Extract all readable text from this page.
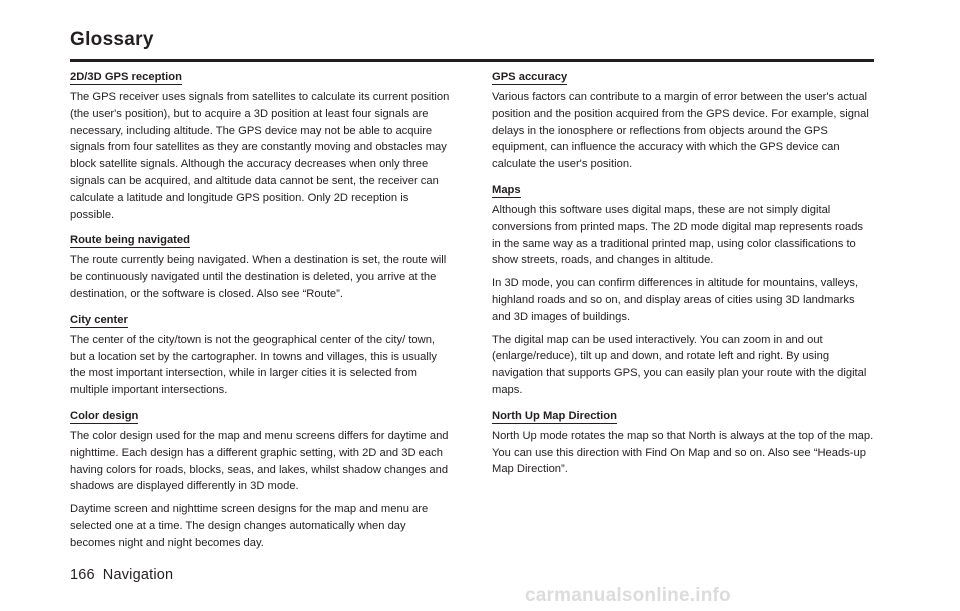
Glossary
2D/3D GPS reception

The GPS receiver uses signals from satellites to calculate its current position (the user's position), but to acquire a 3D position at least four signals are necessary, including altitude. The GPS device may not be able to acquire signals from four satellites as they are constantly moving and obstacles may block satellite signals. Although the accuracy decreases when only three signals can be acquired, and altitude data cannot be sent, the receiver can calculate a latitude and longitude GPS position. Only 2D reception is possible.

Route being navigated

The route currently being navigated. When a destination is set, the route will be continuously navigated until the destination is deleted, you arrive at the destination, or the software is closed. Also see “Route”.

City center

The center of the city/town is not the geographical center of the city/ town, but a location set by the cartographer. In towns and villages, this is usually the most important intersection, while in larger cities it is selected from multiple important intersections.

Color design

The color design used for the map and menu screens differs for daytime and nighttime. Each design has a different graphic setting, with 2D and 3D each having colors for roads, blocks, seas, and lakes, whilst shadow changes and shadows are displayed differently in 3D mode.

Daytime screen and nighttime screen designs for the map and menu are selected one at a time. The design changes automatically when day becomes night and night becomes day.

GPS accuracy

Various factors can contribute to a margin of error between the user's actual position and the position acquired from the GPS device. For example, signal delays in the ionosphere or reflections from objects around the GPS equipment, can influence the accuracy with which the GPS device can calculate the user's position.

Maps

Although this software uses digital maps, these are not simply digital conversions from printed maps. The 2D mode digital map represents roads in the same way as a traditional printed map, using color classifications to show streets, roads, and changes in altitude.

In 3D mode, you can confirm differences in altitude for mountains, valleys, highland roads and so on, and display areas of cities using 3D landmarks and 3D images of buildings.

The digital map can be used interactively. You can zoom in and out (enlarge/reduce), tilt up and down, and rotate left and right. By using navigation that supports GPS, you can easily plan your route with the digital maps.

North Up Map Direction

North Up mode rotates the map so that North is always at the top of the map. You can use this direction with Find On Map and so on. Also see “Heads-up Map Direction”.

166 Navigation
carmanualsonline.info
